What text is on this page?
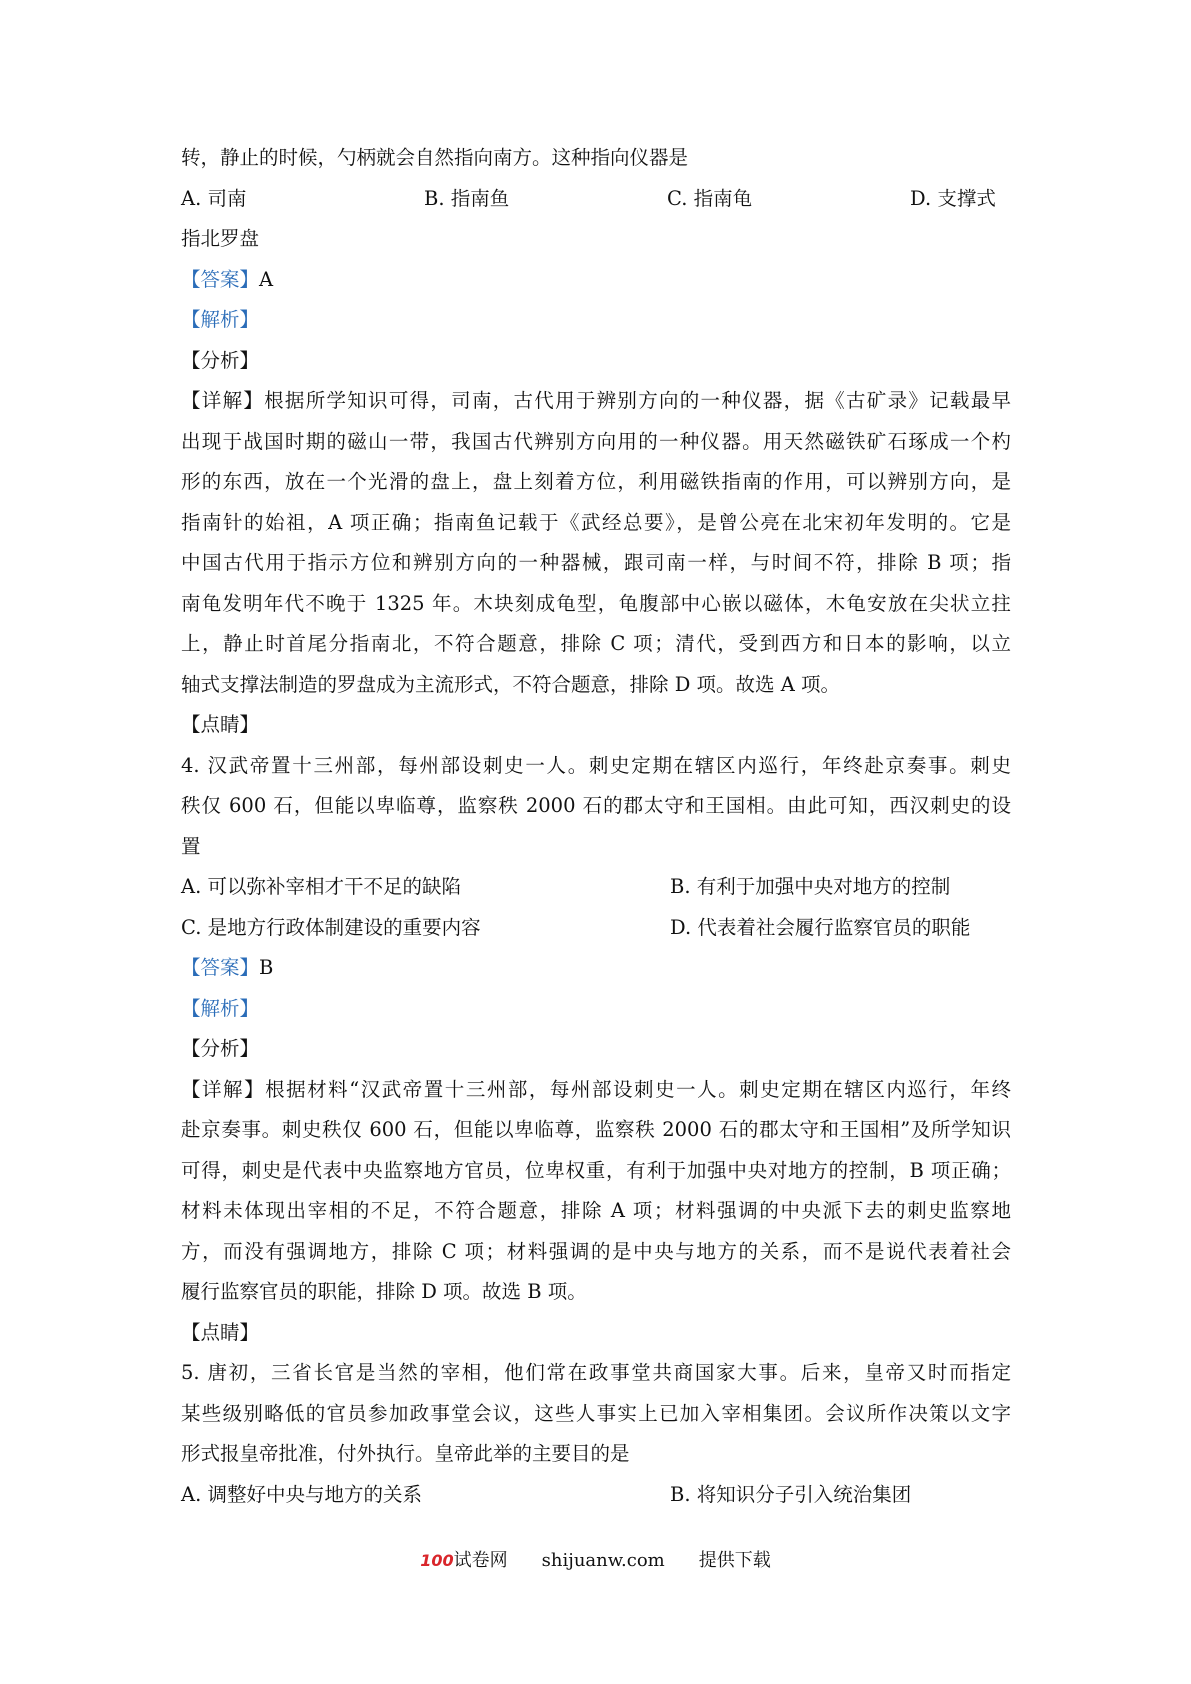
转，静止的时候，勺柄就会自然指向南方。这种指向仪器是
A. 司南	B. 指南鱼	C. 指南龟	D. 支撑式
指北罗盘
【答案】A
【解析】
【分析】
【详解】根据所学知识可得，司南，古代用于辨别方向的一种仪器，据《古矿录》记载最早
出现于战国时期的磁山一带，我国古代辨别方向用的一种仪器。用天然磁铁矿石琢成一个杓
形的东西，放在一个光滑的盘上，盘上刻着方位，利用磁铁指南的作用，可以辨别方向，是
指南针的始祖，A 项正确；指南鱼记载于《武经总要》，是曾公亮在北宋初年发明的。它是
中国古代用于指示方位和辨别方向的一种器械，跟司南一样，与时间不符，排除 B 项；指
南龟发明年代不晚于 1325 年。木块刻成龟型，龟腹部中心嵌以磁体，木龟安放在尖状立拄
上，静止时首尾分指南北，不符合题意，排除 C 项；清代，受到西方和日本的影响，以立
轴式支撑法制造的罗盘成为主流形式，不符合题意，排除 D 项。故选 A 项。
【点睛】
4. 汉武帝置十三州部，每州部设刺史一人。刺史定期在辖区内巡行，年终赴京奏事。刺史
秩仅 600 石，但能以卑临尊，监察秩 2000 石的郡太守和王国相。由此可知，西汉刺史的设
置
A. 可以弥补宰相才干不足的缺陷	B. 有利于加强中央对地方的控制
C. 是地方行政体制建设的重要内容	D. 代表着社会履行监察官员的职能
【答案】B
【解析】
【分析】
【详解】根据材料“汉武帝置十三州部，每州部设刺史一人。刺史定期在辖区内巡行，年终
赴京奏事。刺史秩仅 600 石，但能以卑临尊，监察秩 2000 石的郡太守和王国相”及所学知识
可得，刺史是代表中央监察地方官员，位卑权重，有利于加强中央对地方的控制，B 项正确；
材料未体现出宰相的不足，不符合题意，排除 A 项；材料强调的中央派下去的刺史监察地
方，而没有强调地方，排除 C 项；材料强调的是中央与地方的关系，而不是说代表着社会
履行监察官员的职能，排除 D 项。故选 B 项。
【点睛】
5. 唐初，三省长官是当然的宰相，他们常在政事堂共商国家大事。后来，皇帝又时而指定
某些级别略低的官员参加政事堂会议，这些人事实上已加入宰相集团。会议所作决策以文字
形式报皇帝批准，付外执行。皇帝此举的主要目的是
A. 调整好中央与地方的关系	B. 将知识分子引入统治集团
100试卷网 shijuanw.com 提供下载
